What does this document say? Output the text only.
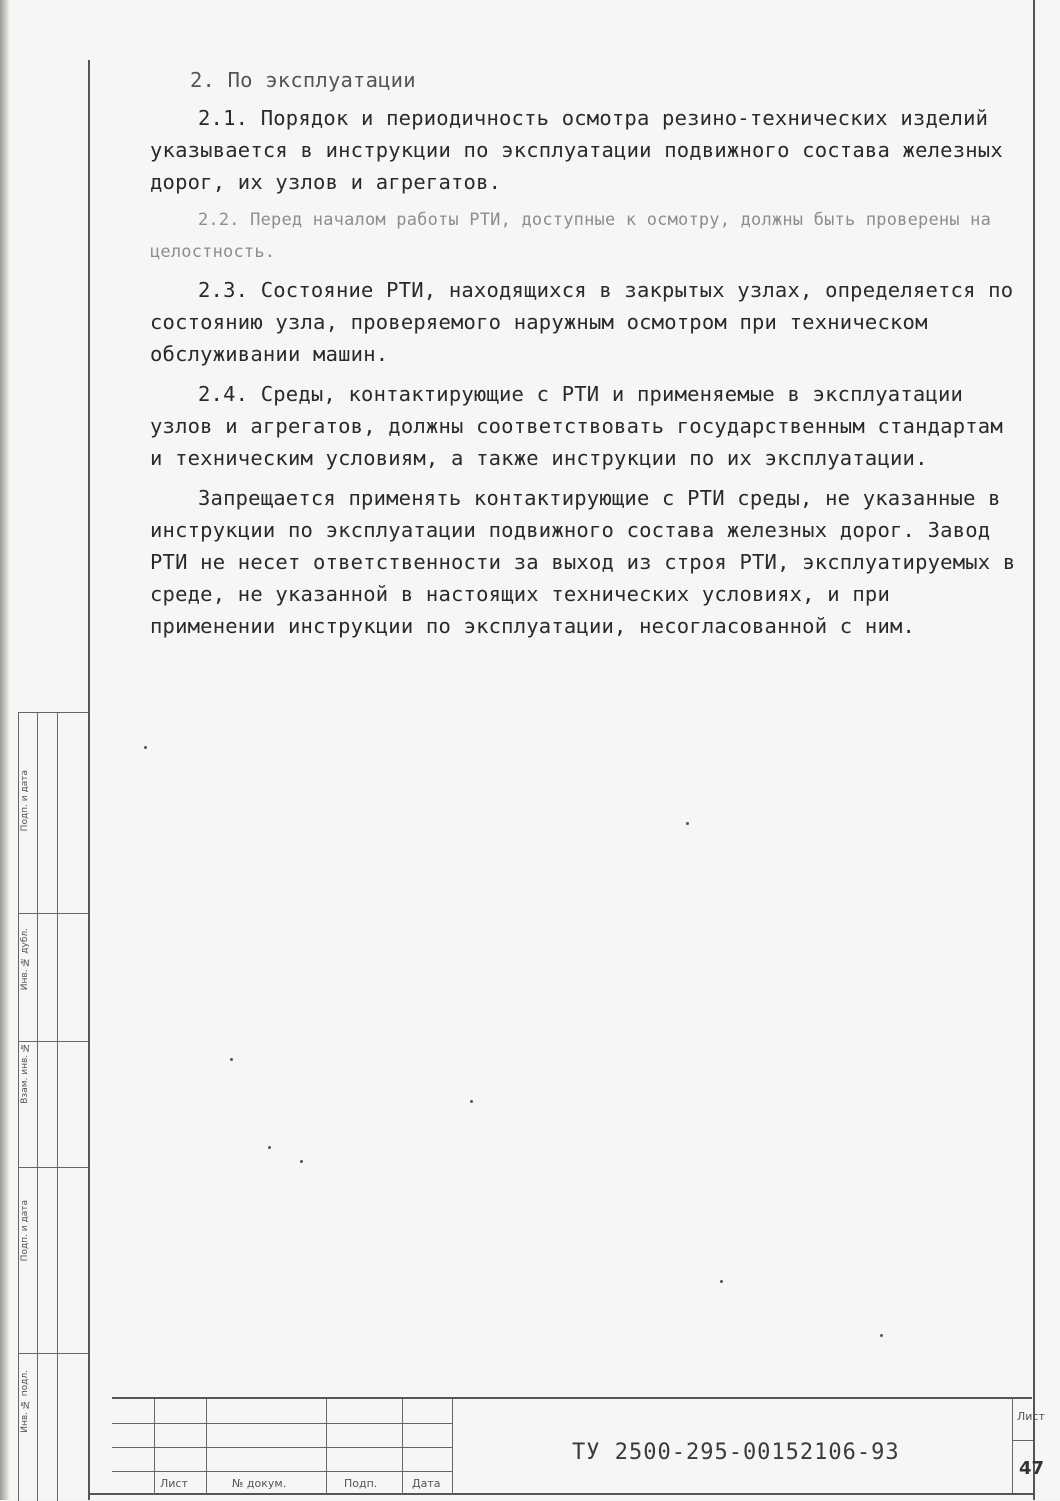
Подп. и дата
Инв. № дубл.
Взам. инв. №
Подп. и дата
Инв. № подл.

2. По эксплуатации

2.1. Порядок и периодичность осмотра резино-технических изделий указывается в инструкции по эксплуатации подвижного состава железных дорог, их узлов и агрегатов.

2.2. Перед началом работы РТИ, доступные к осмотру, должны быть проверены на целостность.

2.3. Состояние РТИ, находящихся в закрытых узлах, определяется по состоянию узла, проверяемого наружным осмотром при техническом обслуживании машин.

2.4. Среды, контактирующие с РТИ и применяемые в эксплуатации узлов и агрегатов, должны соответствовать государственным стандартам и техническим условиям, а также инструкции по их эксплуатации.

Запрещается применять контактирующие с РТИ среды, не указанные в инструкции по эксплуатации подвижного состава железных дорог. Завод РТИ не несет ответственности за выход из строя РТИ, эксплуатируемых в среде, не указанной в настоящих технических условиях, и при применении инструкции по эксплуатации, несогласованной с ним.

Лист	№ докум.	Подп.	Дата
ТУ 2500-295-00152106-93
Лист
47
